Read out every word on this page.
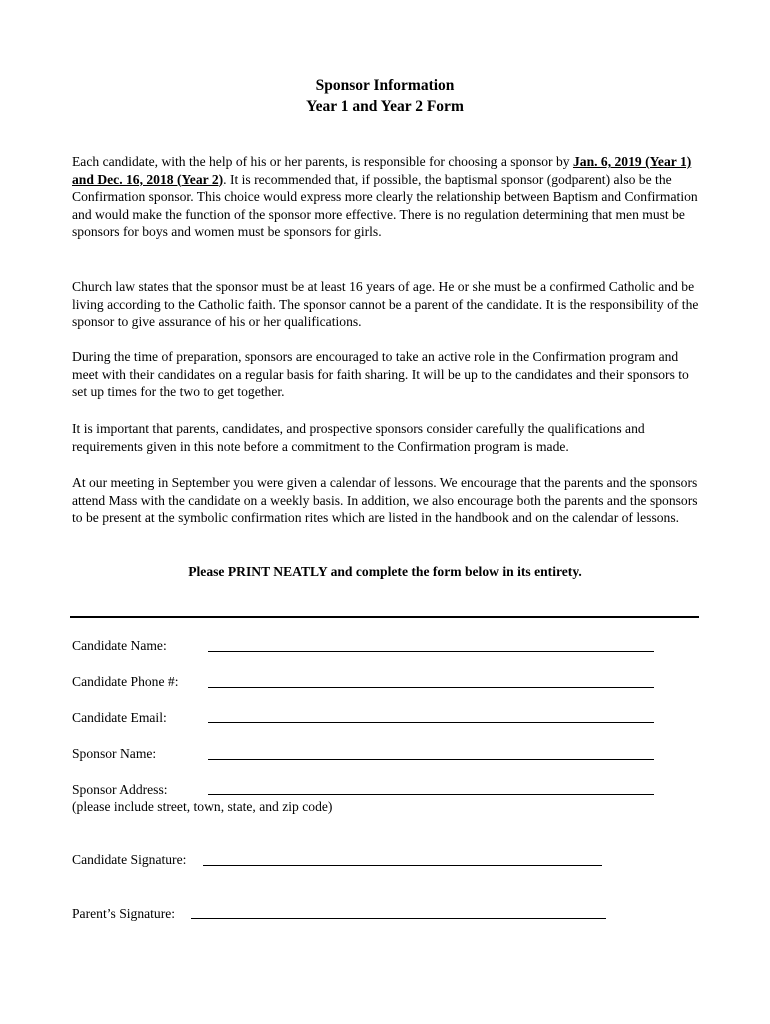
Sponsor Information
Year 1 and Year 2 Form
Each candidate, with the help of his or her parents, is responsible for choosing a sponsor by Jan. 6, 2019 (Year 1) and Dec. 16, 2018 (Year 2). It is recommended that, if possible, the baptismal sponsor (godparent) also be the Confirmation sponsor. This choice would express more clearly the relationship between Baptism and Confirmation and would make the function of the sponsor more effective. There is no regulation determining that men must be sponsors for boys and women must be sponsors for girls.
Church law states that the sponsor must be at least 16 years of age. He or she must be a confirmed Catholic and be living according to the Catholic faith. The sponsor cannot be a parent of the candidate. It is the responsibility of the sponsor to give assurance of his or her qualifications.
During the time of preparation, sponsors are encouraged to take an active role in the Confirmation program and meet with their candidates on a regular basis for faith sharing. It will be up to the candidates and their sponsors to set up times for the two to get together.
It is important that parents, candidates, and prospective sponsors consider carefully the qualifications and requirements given in this note before a commitment to the Confirmation program is made.
At our meeting in September you were given a calendar of lessons. We encourage that the parents and the sponsors attend Mass with the candidate on a weekly basis. In addition, we also encourage both the parents and the sponsors to be present at the symbolic confirmation rites which are listed in the handbook and on the calendar of lessons.
Please PRINT NEATLY and complete the form below in its entirety.
Candidate Name:
Candidate Phone #:
Candidate Email:
Sponsor Name:
Sponsor Address:
(please include street, town, state, and zip code)
Candidate Signature:
Parent’s Signature:
